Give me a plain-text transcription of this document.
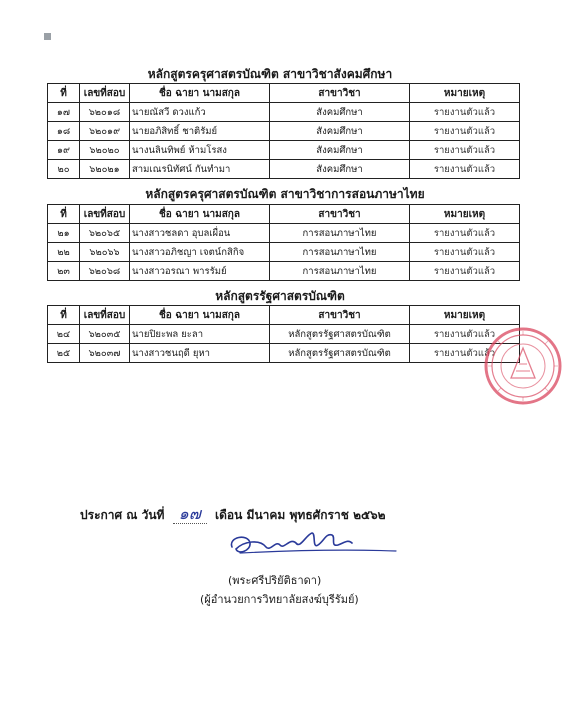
หลักสูตรครุศาสตรบัณฑิต สาขาวิชาสังคมศึกษา
ที่	เลขที่สอบ	ชื่อ ฉายา นามสกุล	สาขาวิชา	หมายเหตุ
๑๗	๖๒๐๑๘	นายณัสวี ดวงแก้ว	สังคมศึกษา	รายงานตัวแล้ว
๑๘	๖๒๐๑๙	นายอภิสิทธิ์ ชาติรัมย์	สังคมศึกษา	รายงานตัวแล้ว
๑๙	๖๒๐๒๐	นางนลินทิพย์ ห้ามโรสง	สังคมศึกษา	รายงานตัวแล้ว
๒๐	๖๒๐๒๑	สามเณรนิทัศน์ กันทำมา	สังคมศึกษา	รายงานตัวแล้ว
หลักสูตรครุศาสตรบัณฑิต สาขาวิชาการสอนภาษาไทย
ที่	เลขที่สอบ	ชื่อ ฉายา นามสกุล	สาขาวิชา	หมายเหตุ
๒๑	๖๒๐๖๕	นางสาวชลดา อุบลเผื่อน	การสอนภาษาไทย	รายงานตัวแล้ว
๒๒	๖๒๐๖๖	นางสาวอภิชญา เจตน์กสิกิจ	การสอนภาษาไทย	รายงานตัวแล้ว
๒๓	๖๒๐๖๘	นางสาวอรณา พารรัมย์	การสอนภาษาไทย	รายงานตัวแล้ว
หลักสูตรรัฐศาสตรบัณฑิต
ที่	เลขที่สอบ	ชื่อ ฉายา นามสกุล	สาขาวิชา	หมายเหตุ
๒๔	๖๒๐๓๕	นายปิยะพล ยะลา	หลักสูตรรัฐศาสตรบัณฑิต	รายงานตัวแล้ว
๒๕	๖๒๐๓๗	นางสาวชนฤดี ยุหา	หลักสูตรรัฐศาสตรบัณฑิต	รายงานตัวแล้ว
ประกาศ ณ วันที่ ๑๗ เดือน มีนาคม พุทธศักราช ๒๕๖๒
(พระศรีปริยัติธาดา)
(ผู้อำนวยการวิทยาลัยสงฆ์บุรีรัมย์)
